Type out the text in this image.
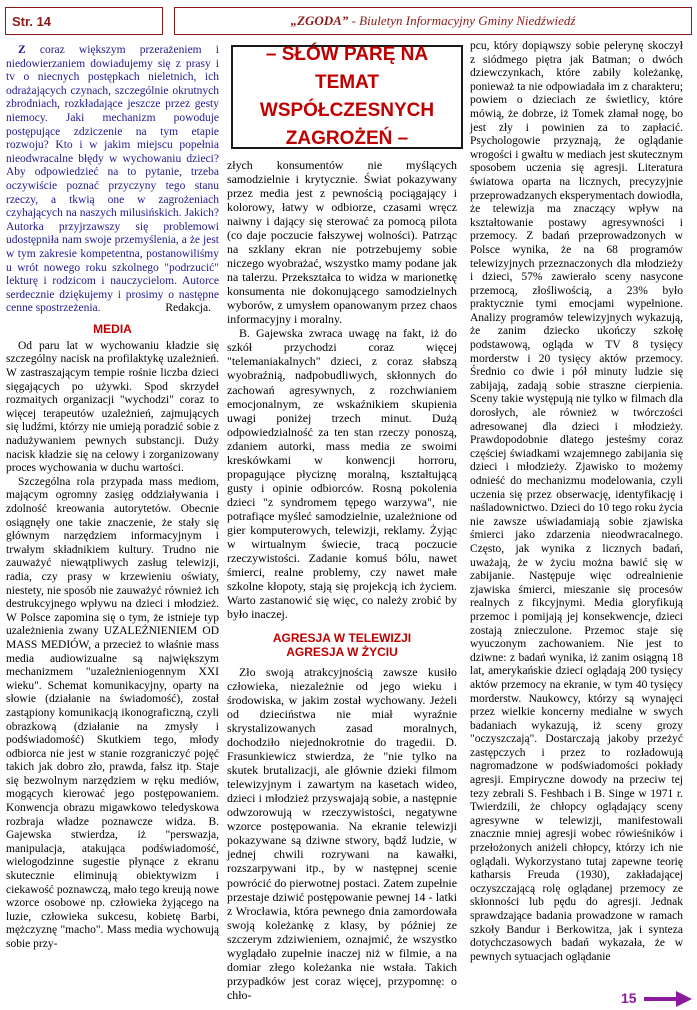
Str. 14	„ZGODA” - Biuletyn Informacyjny Gminy Niedźwiedź
– SŁÓW PARĘ NA TEMAT WSPÓŁCZESNYCH ZAGROŻEŃ –

Z coraz większym przerażeniem i niedowierzaniem dowiadujemy się z prasy i tv o niecnych postępkach nieletnich, ich odrażających czynach, szczególnie okrutnych zbrodniach, rozkładające jeszcze przez gesty niemocy. Jaki mechanizm powoduje postępujące zdziczenie na tym etapie rozwoju? Kto i w jakim miejscu popełnia nieodwracalne błędy w wychowaniu dzieci? Aby odpowiedzieć na to pytanie, trzeba oczywiście poznać przyczyny tego stanu rzeczy, a tkwią one w zagrożeniach czyhających na naszych milusińskich. Jakich? Autorka przyjrzawszy się problemowi udostępniła nam swoje przemyślenia, a że jest w tym zakresie kompetentna, postanowiliśmy u wrót nowego roku szkolnego "podrzucić" lekturę i rodzicom i nauczycielom. Autorce serdecznie dziękujemy i prosimy o następne cenne spostrzeżenia.	Redakcja.

MEDIA

Od paru lat w wychowaniu kładzie się szczególny nacisk na profilaktykę uzależnień. W zastraszającym tempie rośnie liczba dzieci sięgających po używki. Spod skrzydeł rozmaitych organizacji "wychodzi" coraz to więcej terapeutów uzależnień, zajmujących się ludźmi, którzy nie umieją poradzić sobie z nadużywaniem pewnych substancji. Duży nacisk kładzie się na celowy i zorganizowany proces wychowania w duchu wartości.

Szczególna rola przypada mass mediom, mającym ogromny zasięg oddziaływania i zdolność kreowania autorytetów. Obecnie osiągnęły one takie znaczenie, że stały się głównym narzędziem informacyjnym i trwałym składnikiem kultury. Trudno nie zauważyć niewątpliwych zasług telewizji, radia, czy prasy w krzewieniu oświaty, niestety, nie sposób nie zauważyć również ich destrukcyjnego wpływu na dzieci i młodzież. W Polsce zapomina się o tym, że istnieje typ uzależnienia zwany UZALEŻNIENIEM OD MASS MEDIÓW, a przecież to właśnie mass media audiowizualne są największym mechanizmem "uzależnieniogennym XXI wieku". Schemat komunikacyjny, oparty na słowie (działanie na świadomość), został zastąpiony komunikacją ikonograficzną, czyli obrazkową (działanie na zmysły i podświadomość) Skutkiem tego, młody odbiorca nie jest w stanie rozgraniczyć pojęć takich jak dobro zło, prawda, fałsz itp. Staje się bezwolnym narzędziem w ręku mediów, mogących kierować jego postępowaniem. Konwencja obrazu migawkowo teledyskowa rozbraja władze poznawcze widza. B. Gajewska stwierdza, iż "perswazja, manipulacja, atakująca podświadomość, wielogodzinne sugestie płynące z ekranu skutecznie eliminują obiektywizm i ciekawość poznawczą, mało tego kreują nowe wzorce osobowe np. człowieka żyjącego na luzie, człowieka sukcesu, kobietę Barbi, mężczyznę "macho". Mass media wychowują sobie przy-

złych konsumentów nie myślących samodzielnie i krytycznie. Świat pokazywany przez media jest z pewnością pociągający i kolorowy, łatwy w odbiorze, czasami wręcz naiwny i dający się sterować za pomocą pilota (co daje poczucie fałszywej wolności). Patrząc na szklany ekran nie potrzebujemy sobie niczego wyobrażać, wszystko mamy podane jak na talerzu. Przekształca to widza w marionetkę konsumenta nie dokonującego samodzielnych wyborów, z umysłem opanowanym przez chaos informacyjny i moralny.

B. Gajewska zwraca uwagę na fakt, iż do szkół przychodzi coraz więcej "telemaniakalnych" dzieci, z coraz słabszą wyobraźnią, nadpobudliwych, skłonnych do zachowań agresywnych, z rozchwianiem emocjonalnym, ze wskaźnikiem skupienia uwagi poniżej trzech minut. Dużą odpowiedzialność za ten stan rzeczy ponoszą, zdaniem autorki, mass media ze swoimi kreskówkami w konwencji horroru, propagujące płyciznę moralną, kształtującą gusty i opinie odbiorców. Rosną pokolenia dzieci "z syndromem tępego warzywa", nie potrafiące myśleć samodzielnie, uzależnione od gier komputerowych, telewizji, reklamy. Żyjąc w wirtualnym świecie, tracą poczucie rzeczywistości. Zadanie komuś bólu, nawet śmierci, realne problemy, czy nawet małe szkolne kłopoty, stają się projekcją ich życiem. Warto zastanowić się więc, co należy zrobić by było inaczej.

AGRESJA W TELEWIZJI
AGRESJA W ŻYCIU

Zło swoją atrakcyjnością zawsze kusiło człowieka, niezależnie od jego wieku i środowiska, w jakim został wychowany. Jeżeli od dzieciństwa nie miał wyraźnie skrystalizowanych zasad moralnych, dochodziło niejednokrotnie do tragedii. D. Frasunkiewicz stwierdza, że "nie tylko na skutek brutalizacji, ale głównie dzieki filmom telewizyjnym i zawartym na kasetach wideo, dzieci i młodzież przyswajają sobie, a następnie odwzorowują w rzeczywistości, negatywne wzorce postępowania. Na ekranie telewizji pokazywane są dziwne stwory, bądź ludzie, w jednej chwili rozrywani na kawałki, rozszarpywani itp., by w następnej scenie powrócić do pierwotnej postaci. Zatem zupełnie przestaje dziwić postępowanie pewnej 14 - latki z Wrocławia, która pewnego dnia zamordowała swoją koleżankę z klasy, by później ze szczerym zdziwieniem, oznajmić, że wszystko wyglądało zupełnie inaczej niż w filmie, a na domiar złego koleżanka nie wstała. Takich przypadków jest coraz więcej, przypomnę: o chło-

pcu, który dopiąwszy sobie pelerynę skoczył z siódmego piętra jak Batman; o dwóch dziewczynkach, które zabiły koleżankę, ponieważ ta nie odpowiadała im z charakteru; powiem o dzieciach ze świetlicy, które mówią, że dobrze, iż Tomek złamał nogę, bo jest zły i powinien za to zapłacić. Psychologowie przyznają, że oglądanie wrogości i gwałtu w mediach jest skutecznym sposobem uczenia się agresji. Literatura światowa oparta na licznych, precyzyjnie przeprowadzanych eksperymentach dowiodła, że telewizja ma znaczący wpływ na kształtowanie postawy agresywności i przemocy. Z badań przeprowadzonych w Polsce wynika, że na 68 programów telewizyjnych przeznaczonych dla młodzieży i dzieci, 57% zawierało sceny nasycone przemocą, złośliwością, a 23% było praktycznie tymi emocjami wypełnione. Analizy programów telewizyjnych wykazują, że zanim dziecko ukończy szkołę podstawową, ogląda w TV 8 tysięcy morderstw i 20 tysięcy aktów przemocy. Średnio co dwie i pół minuty ludzie się zabijają, zadają sobie straszne cierpienia. Sceny takie występują nie tylko w filmach dla dorosłych, ale również w twórczości adresowanej dla dzieci i młodzieży. Prawdopodobnie dlatego jesteśmy coraz częściej świadkami wzajemnego zabijania się dzieci i młodzieży. Zjawisko to możemy odnieść do mechanizmu modelowania, czyli uczenia się przez obserwację, identyfikację i naśladownictwo. Dzieci do 10 tego roku życia nie zawsze uświadamiają sobie zjawiska śmierci jako zdarzenia nieodwracalnego. Często, jak wynika z licznych badań, uważają, że w życiu można bawić się w zabijanie. Następuje więc odrealnienie zjawiska śmierci, mieszanie się procesów realnych z fikcyjnymi. Media gloryfikują przemoc i pomijają jej konsekwencje, dzieci zostają znieczulone. Przemoc staje się wyuczonym zachowaniem. Nie jest to dziwne: z badań wynika, iż zanim osiągną 18 lat, amerykańskie dzieci oglądają 200 tysięcy aktów przemocy na ekranie, w tym 40 tysięcy morderstw. Naukowcy, którzy są wynajęci przez wielkie koncerny medialne w swych badaniach wykazują, iż sceny grozy "oczyszczają". Dostarczają jakoby przeżyć zastępczych i przez to rozładowują nagromadzone w podświadomości pokłady agresji. Empiryczne dowody na przeciw tej tezy zebrali S. Feshbach i B. Singe w 1971 r. Twierdzili, że chłopcy oglądający sceny agresywne w telewizji, manifestowali znacznie mniej agresji wobec rówieśników i przełożonych aniżeli chłopcy, którzy ich nie oglądali. Wykorzystano tutaj zapewne teorię katharsis Freuda (1930), zakładającej oczyszczającą rolę oglądanej przemocy ze skłonności lub pędu do agresji. Jednak sprawdzające badania prowadzone w ramach szkoły Bandur i Berkowitza, jak i synteza dotychczasowych badań wykazała, że w pewnych sytuacjach oglądanie

15
